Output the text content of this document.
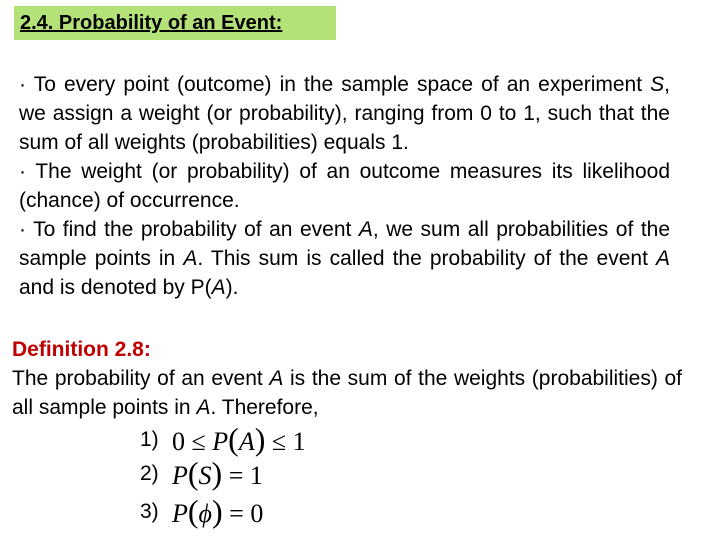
2.4. Probability of an Event:

· To every point (outcome) in the sample space of an experiment S, we assign a weight (or probability), ranging from 0 to 1, such that the sum of all weights (probabilities) equals 1.

· The weight (or probability) of an outcome measures its likelihood (chance) of occurrence.

· To find the probability of an event A, we sum all probabilities of the sample points in A. This sum is called the probability of the event A and is denoted by P(A).

Definition 2.8:
The probability of an event A is the sum of the weights (probabilities) of all sample points in A. Therefore,
1) 0 ≤ P(A) ≤ 1
2) P(S) = 1
3) P(ϕ) = 0
